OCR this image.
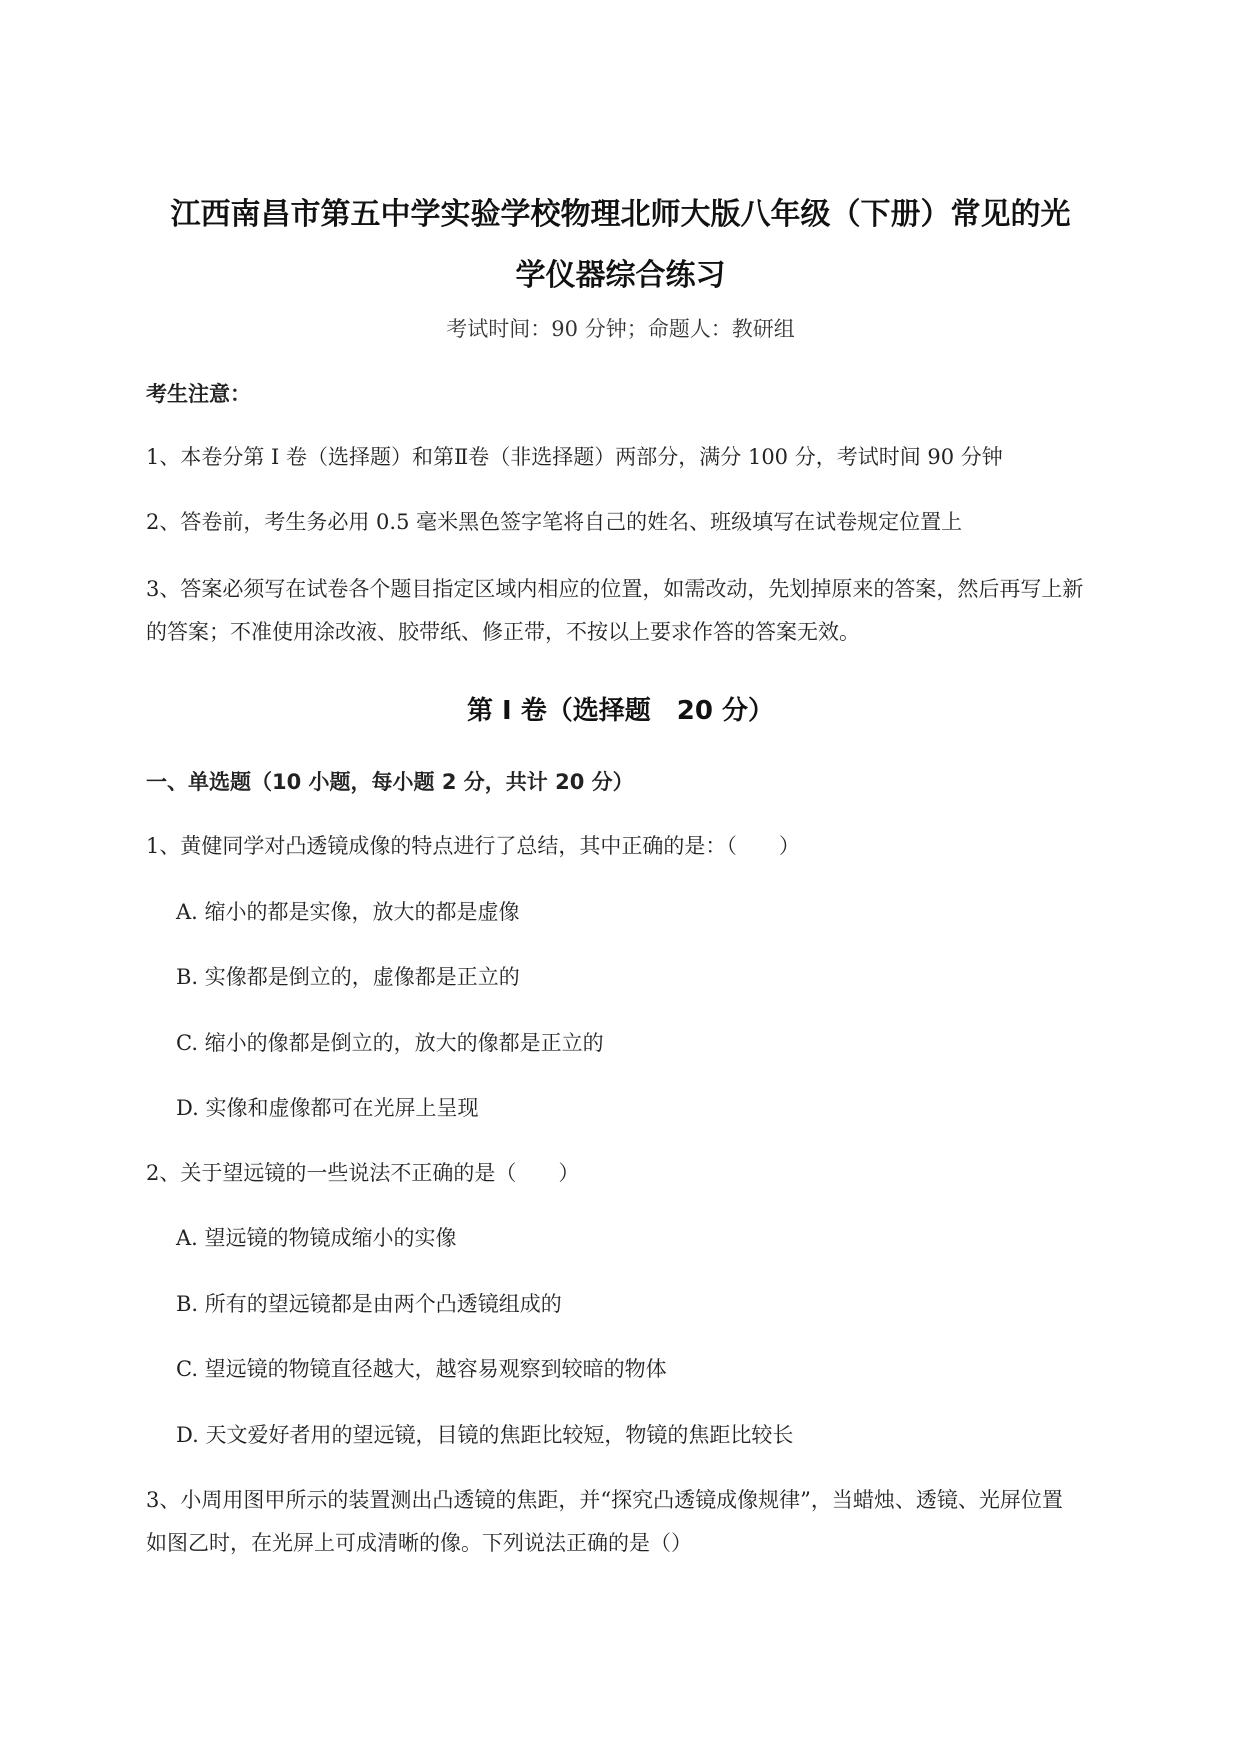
江西南昌市第五中学实验学校物理北师大版八年级（下册）常见的光
学仪器综合练习
考试时间：90 分钟；命题人：教研组
考生注意：
1、本卷分第 I 卷（选择题）和第Ⅱ卷（非选择题）两部分，满分 100 分，考试时间 90 分钟
2、答卷前，考生务必用 0.5 毫米黑色签字笔将自己的姓名、班级填写在试卷规定位置上
3、答案必须写在试卷各个题目指定区域内相应的位置，如需改动，先划掉原来的答案，然后再写上新
的答案；不准使用涂改液、胶带纸、修正带，不按以上要求作答的答案无效。
第 I 卷（选择题　20 分）
一、单选题（10 小题，每小题 2 分，共计 20 分）
1、黄健同学对凸透镜成像的特点进行了总结，其中正确的是：（　　）
A. 缩小的都是实像，放大的都是虚像
B. 实像都是倒立的，虚像都是正立的
C. 缩小的像都是倒立的，放大的像都是正立的
D. 实像和虚像都可在光屏上呈现
2、关于望远镜的一些说法不正确的是（　　）
A. 望远镜的物镜成缩小的实像
B. 所有的望远镜都是由两个凸透镜组成的
C. 望远镜的物镜直径越大，越容易观察到较暗的物体
D. 天文爱好者用的望远镜，目镜的焦距比较短，物镜的焦距比较长
3、小周用图甲所示的装置测出凸透镜的焦距，并“探究凸透镜成像规律”，当蜡烛、透镜、光屏位置
如图乙时，在光屏上可成清晰的像。下列说法正确的是（）
